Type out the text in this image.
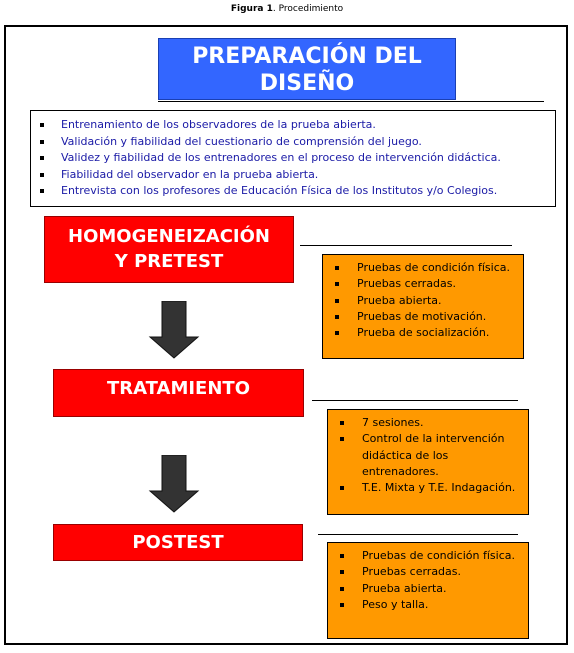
Figura 1. Procedimiento
PREPARACIÓN DEL
DISEÑO
Entrenamiento de los observadores de la prueba abierta.
Validación y fiabilidad del cuestionario de comprensión del juego.
Validez y fiabilidad de los entrenadores en el proceso de intervención didáctica.
Fiabilidad del observador en la prueba abierta.
Entrevista con los profesores de Educación Física de los Institutos y/o Colegios.
HOMOGENEIZACIÓN
Y PRETEST	Pruebas de condición física.
Pruebas cerradas.
Prueba abierta.
Pruebas de motivación.
Prueba de socialización.
TRATAMIENTO
7 sesiones.
Control de la intervención didáctica de los entrenadores.
T.E. Mixta y T.E. Indagación.
POSTEST
Pruebas de condición física.
Pruebas cerradas.
Prueba abierta.
Peso y talla.
